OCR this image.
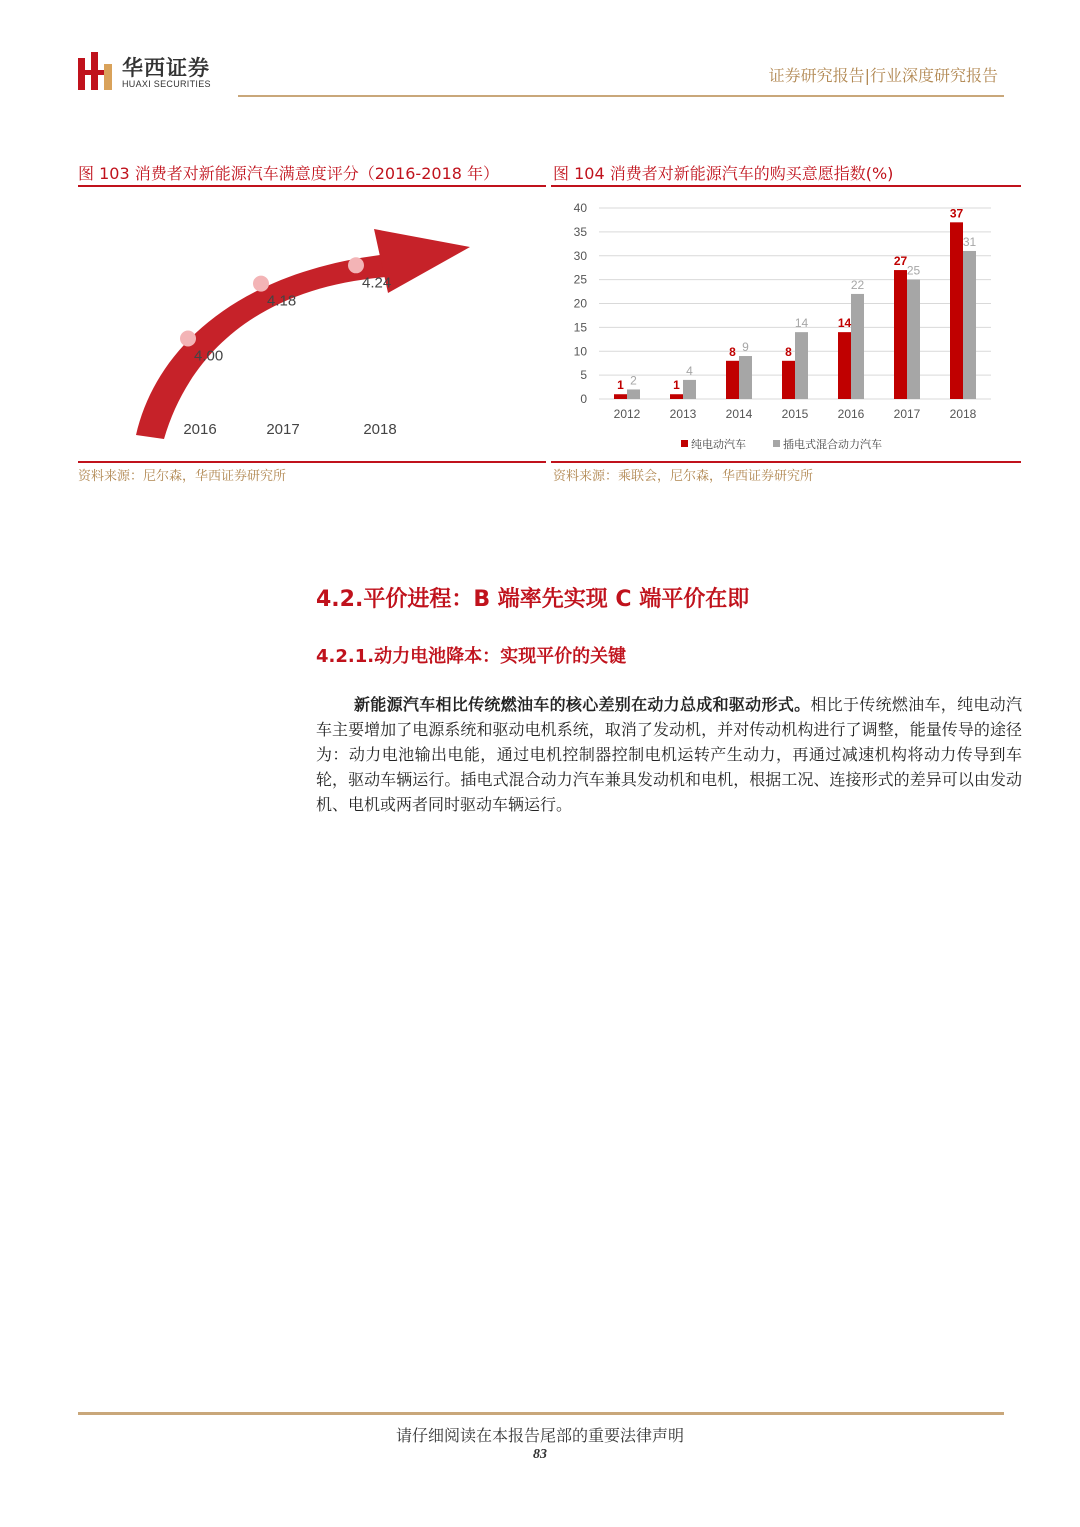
华西证券
HUAXI SECURITIES	证券研究报告|行业深度研究报告
图 103 消费者对新能源汽车满意度评分（2016-2018 年）
4.00
4.18
4.24
2016	2017	2018
资料来源：尼尔森，华西证券研究所
图 104 消费者对新能源汽车的购买意愿指数(%)
0
5
10
15
20
25
30
35
40
1 2
2012
1
4
2013
8 9
2014
8
14
2015
14
22
2016
27
25
2017
37
31
2018
纯电动汽车	插电式混合动力汽车
资料来源：乘联会，尼尔森，华西证券研究所
4.2.平价进程：B 端率先实现 C 端平价在即
4.2.1.动力电池降本：实现平价的关键
新能源汽车相比传统燃油车的核心差别在动力总成和驱动形式。相比于传统燃油车，纯电动汽车主要增加了电源系统和驱动电机系统，取消了发动机，并对传动机构进行了调整，能量传导的途径为：动力电池输出电能，通过电机控制器控制电机运转产生动力，再通过减速机构将动力传导到车轮，驱动车辆运行。插电式混合动力汽车兼具发动机和电机，根据工况、连接形式的差异可以由发动机、电机或两者同时驱动车辆运行。
请仔细阅读在本报告尾部的重要法律声明
83
